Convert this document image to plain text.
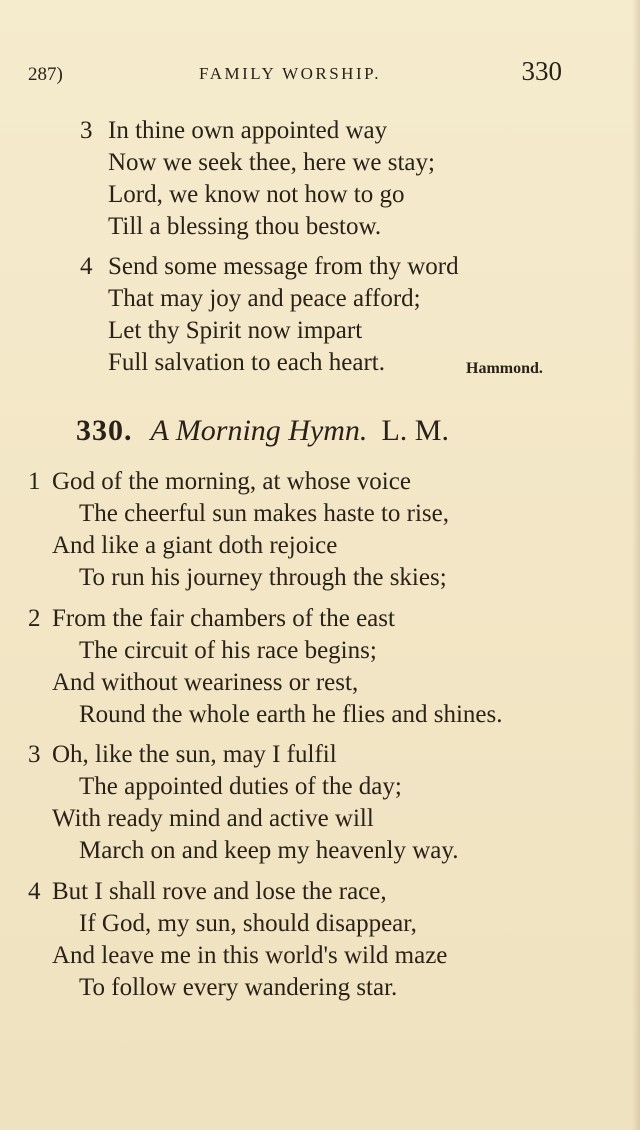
287)	FAMILY WORSHIP.	330
3 In thine own appointed way
Now we seek thee, here we stay;
Lord, we know not how to go
Till a blessing thou bestow.
4 Send some message from thy word
That may joy and peace afford;
Let thy Spirit now impart
Full salvation to each heart.	Hammond.
330. A Morning Hymn. L. M.
1 God of the morning, at whose voice
The cheerful sun makes haste to rise,
And like a giant doth rejoice
To run his journey through the skies;
2 From the fair chambers of the east
The circuit of his race begins;
And without weariness or rest,
Round the whole earth he flies and shines.
3 Oh, like the sun, may I fulfil
The appointed duties of the day;
With ready mind and active will
March on and keep my heavenly way.
4 But I shall rove and lose the race,
If God, my sun, should disappear,
And leave me in this world's wild maze
To follow every wandering star.
